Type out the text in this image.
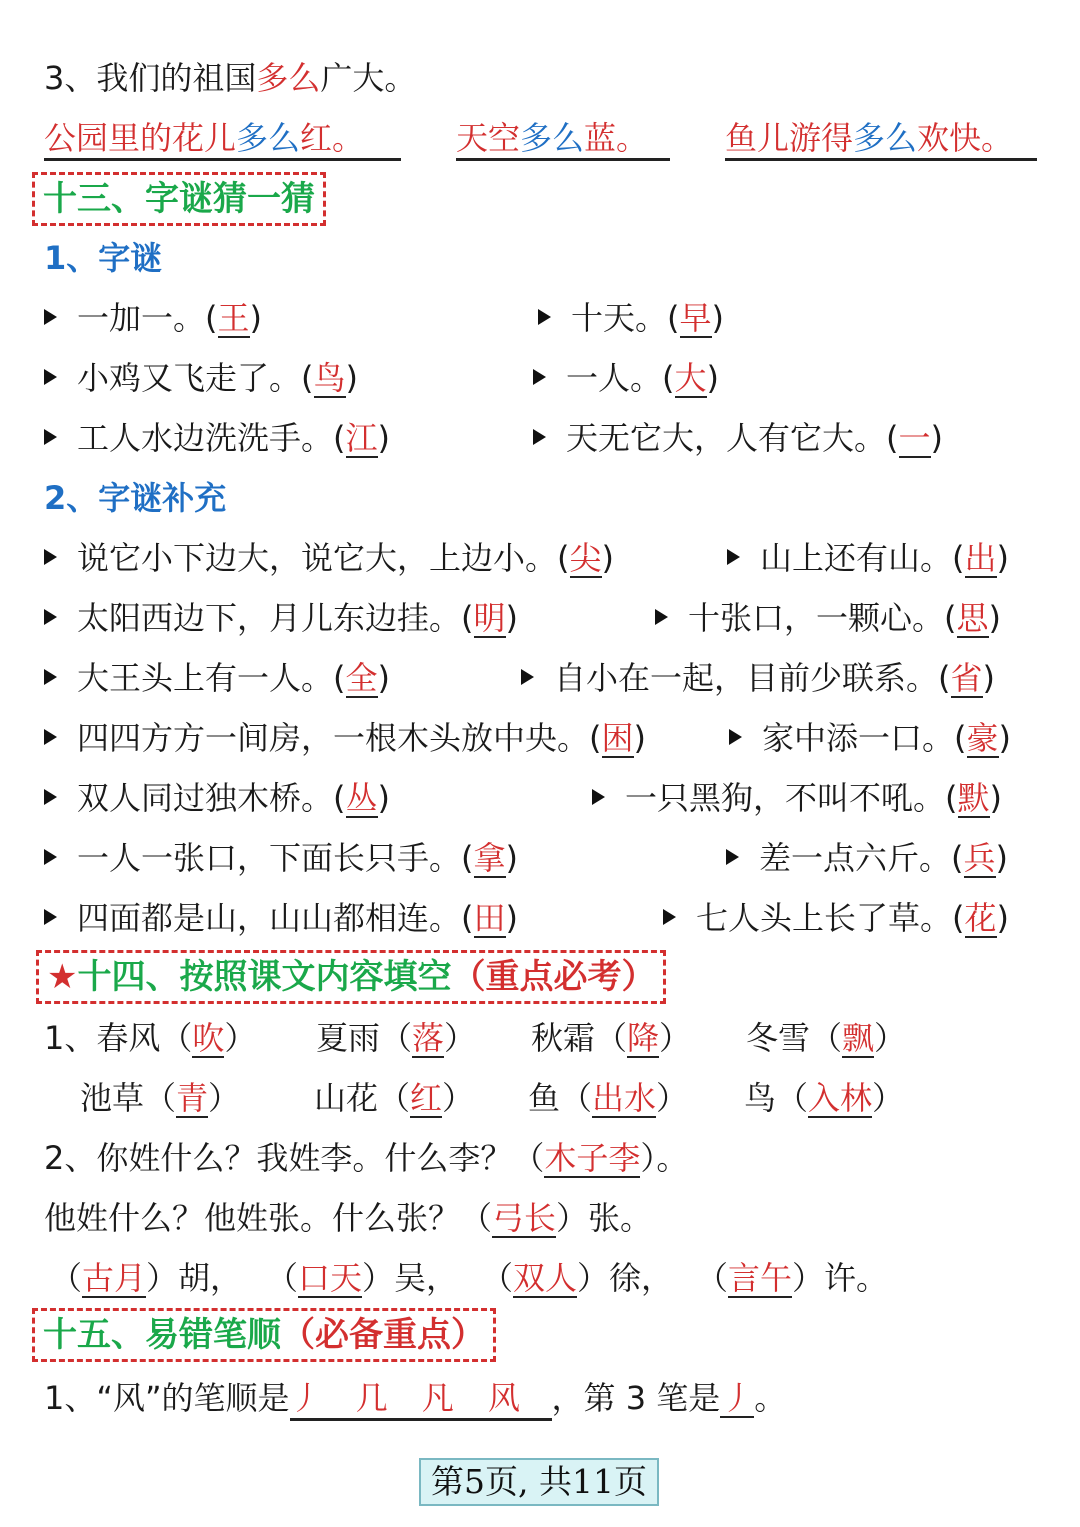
3、我们的祖国多么广大。
公园里的花儿多么红。	天空多么蓝。	鱼儿游得多么欢快。
十三、字谜猜一猜
1、字谜
一加一。(王)	十天。(早)
小鸡又飞走了。(鸟)	一人。(大)
工人水边洗洗手。(江)	天无它大，人有它大。(一)
2、字谜补充
说它小下边大，说它大，上边小。(尖)	山上还有山。(出)
太阳西边下，月儿东边挂。(明)	十张口，一颗心。(思)
大王头上有一人。(全)	自小在一起，目前少联系。(省)
四四方方一间房，一根木头放中央。(困)	家中添一口。(豪)
双人同过独木桥。(丛)	一只黑狗，不叫不吼。(默)
一人一张口，下面长只手。(拿)	差一点六斤。(兵)
四面都是山，山山都相连。(田)	七人头上长了草。(花)
★十四、按照课文内容填空（重点必考）
1、春风（吹） 夏雨（落） 秋霜（降） 冬雪（飘）
池草（青） 山花（红） 鱼（出水） 鸟（入林）
2、你姓什么？我姓李。什么李？（木子李）。
他姓什么？他姓张。什么张？（弓长）张。
（古月）胡， （口天）吴， （双人）徐， （言午）许。
十五、易错笔顺（必备重点）
1、“风”的笔顺是丿 几 凡 风 ，第 3 笔是丿。
第5页, 共11页
